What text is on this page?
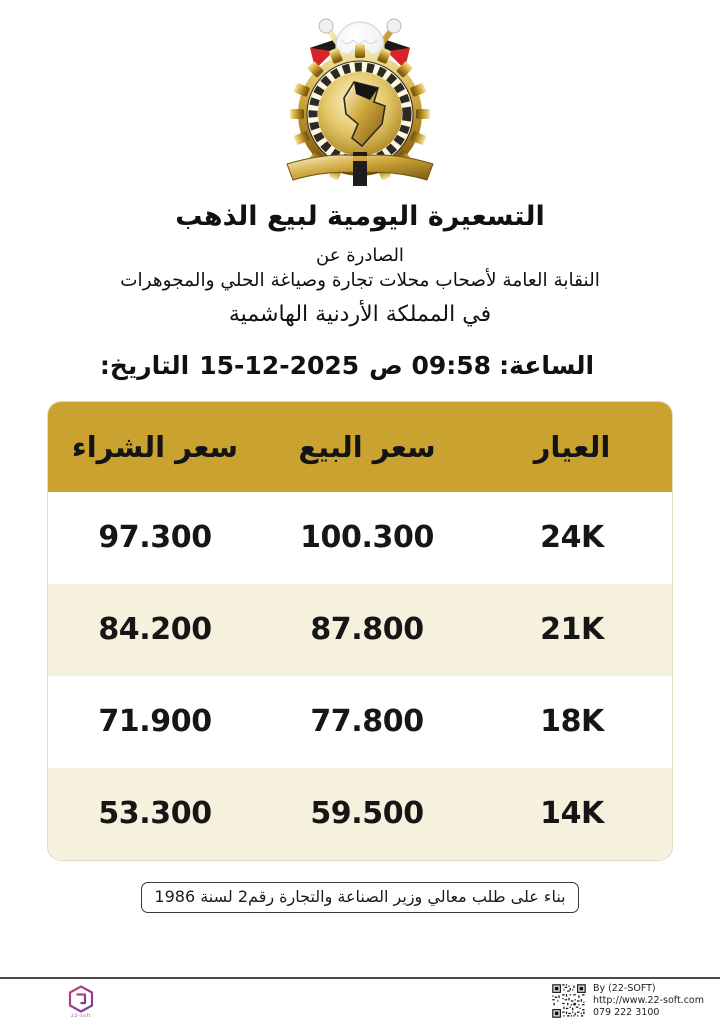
التسعيرة اليومية لبيع الذهب
الصادرة عن
النقابة العامة لأصحاب محلات تجارة وصياغة الحلي والمجوهرات
في المملكة الأردنية الهاشمية
التاريخ: 15-12-2025	الساعة:
09:58 ص
العيار
سعر البيع
سعر الشراء
24K
100.300
97.300
21K
87.800
84.200
18K
77.800
71.900
14K
59.500
53.300
بناء على طلب معالي وزير الصناعة والتجارة رقم2 لسنة 1986
22-soft
By (22-SOFT)
http://www.22-soft.com
079 222 3100
